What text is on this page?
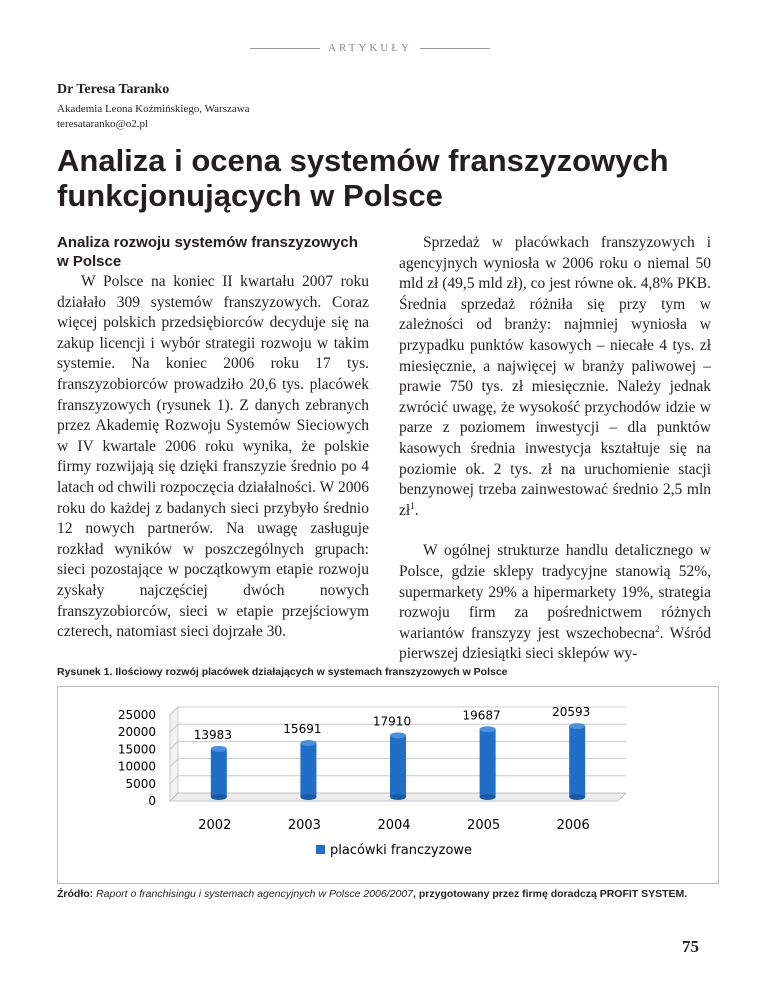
ARTYKUŁY
Dr Teresa Taranko
Akademia Leona Koźmińskiego, Warszawa
teresataranko@o2.pl
Analiza i ocena systemów franszyzowych funkcjonujących w Polsce
Analiza rozwoju systemów franszyzowych w Polsce

W Polsce na koniec II kwartału 2007 roku działało 309 systemów franszyzowych. Coraz więcej polskich przedsiębiorców decyduje się na zakup licencji i wybór strategii rozwoju w takim systemie. Na koniec 2006 roku 17 tys. franszyzobiorców prowadziło 20,6 tys. placówek franszyzowych (rysunek 1). Z danych zebranych przez Akademię Rozwoju Systemów Sieciowych w IV kwartale 2006 roku wynika, że polskie firmy rozwijają się dzięki franszyzie średnio po 4 latach od chwili rozpoczęcia działalności. W 2006 roku do każdej z badanych sieci przybyło średnio 12 nowych partnerów. Na uwagę zasługuje rozkład wyników w poszczególnych grupach: sieci pozostające w początkowym etapie rozwoju zyskały najczęściej dwóch nowych franszyzobiorców, sieci w etapie przejściowym czterech, natomiast sieci dojrzałe 30.

Sprzedaż w placówkach franszyzowych i agencyjnych wyniosła w 2006 roku o niemal 50 mld zł (49,5 mld zł), co jest równe ok. 4,8% PKB. Średnia sprzedaż różniła się przy tym w zależności od branży: najmniej wyniosła w przypadku punktów kasowych – niecałe 4 tys. zł miesięcznie, a najwięcej w branży paliwowej – prawie 750 tys. zł miesięcznie. Należy jednak zwrócić uwagę, że wysokość przychodów idzie w parze z poziomem inwestycji – dla punktów kasowych średnia inwestycja kształtuje się na poziomie ok. 2 tys. zł na uruchomienie stacji benzynowej trzeba zainwestować średnio 2,5 mln $zł^1$.

W ogólnej strukturze handlu detalicznego w Polsce, gdzie sklepy tradycyjne stanowią 52%, supermarkety 29% a hipermarkety 19%, strategia rozwoju firm za pośrednictwem różnych wariantów franszyzy jest wszechobecna$^2$. Wśród pierwszej dziesiątki sieci sklepów wy-

Rysunek 1. Ilościowy rozwój placówek działających w systemach franszyzowych w Polsce
0
5000
10000
15000
20000
25000
13983
2002
15691
2003
17910
2004
19687
2005
20593
2006
placówki franczyzowe
Źródło: Raport o franchisingu i systemach agencyjnych w Polsce 2006/2007, przygotowany przez firmę doradczą PROFIT SYSTEM.
75
